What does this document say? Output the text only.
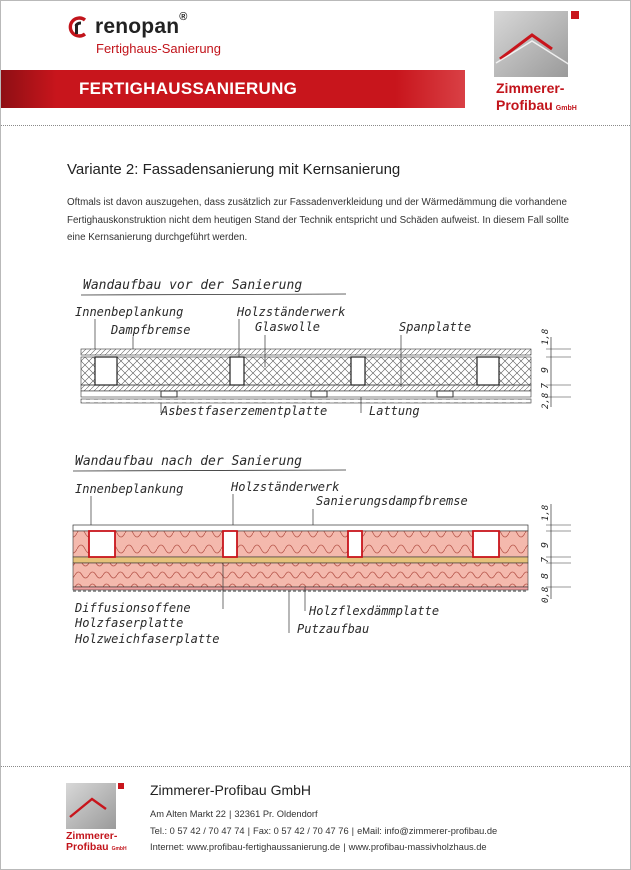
renopan®
Fertighaus-Sanierung
FERTIGHAUSSANIERUNG	Zimmerer-
Profibau GmbH
Variante 2: Fassadensanierung mit Kernsanierung
Oftmals ist davon auszugehen, dass zusätzlich zur Fassadenverkleidung und der Wärmedämmung die vorhandene Fertighauskonstruktion nicht dem heutigen Stand der Technik entspricht und Schäden aufweist. In diesem Fall sollte eine Kernsanierung durchgeführt werden.
Wandaufbau vor der Sanierung
Innenbeplankung
Dampfbremse
Holzständerwerk
Glaswolle	Spanplatte
1,8
9
7
2,8
Asbestfaserzementplatte	Lattung
Wandaufbau nach der Sanierung
Innenbeplankung	Holzständerwerk
Sanierungsdampfbremse
1,8
9
7
8
0,8
Diffusionsoffene
Holzfaserplatte
Holzweichfaserplatte
Holzflexdämmplatte
Putzaufbau
Zimmerer-
Profibau GmbH
Zimmerer-Profibau GmbH
Am Alten Markt 22 | 32361 Pr. Oldendorf
Tel.: 0 57 42 / 70 47 74 | Fax: 0 57 42 / 70 47 76 | eMail: info@zimmerer-profibau.de
Internet: www.profibau-fertighaussanierung.de | www.profibau-massivholzhaus.de
